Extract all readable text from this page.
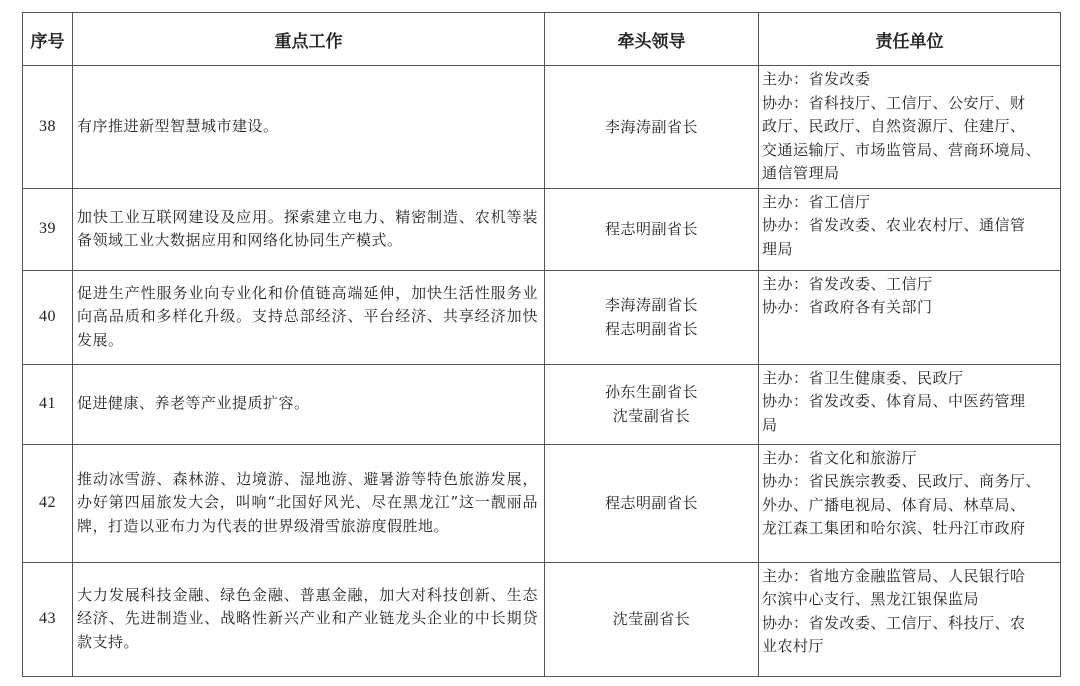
序号	重点工作	牵头领导	责任单位
38	有序推进新型智慧城市建设。	李海涛副省长	主办：省发改委
协办：省科技厅、工信厅、公安厅、财
政厅、民政厅、自然资源厅、住建厅、
交通运输厅、市场监管局、营商环境局、
通信管理局

39	加快工业互联网建设及应用。探索建立电力、精密制造、农机等装备领域工业大数据应用和网络化协同生产模式。	程志明副省长	主办：省工信厅
协办：省发改委、农业农村厅、通信管
理局

40	促进生产性服务业向专业化和价值链高端延伸，加快生活性服务业向高品质和多样化升级。支持总部经济、平台经济、共享经济加快发展。	李海涛副省长
程志明副省长	主办：省发改委、工信厅
协办：省政府各有关部门

41	促进健康、养老等产业提质扩容。	孙东生副省长
沈莹副省长	主办：省卫生健康委、民政厅
协办：省发改委、体育局、中医药管理
局

42	推动冰雪游、森林游、边境游、湿地游、避暑游等特色旅游发展，办好第四届旅发大会，叫响“北国好风光、尽在黑龙江”这一靓丽品牌，打造以亚布力为代表的世界级滑雪旅游度假胜地。	程志明副省长	主办：省文化和旅游厅
协办：省民族宗教委、民政厅、商务厅、
外办、广播电视局、体育局、林草局、
龙江森工集团和哈尔滨、牡丹江市政府

43	大力发展科技金融、绿色金融、普惠金融，加大对科技创新、生态经济、先进制造业、战略性新兴产业和产业链龙头企业的中长期贷款支持。	沈莹副省长	主办：省地方金融监管局、人民银行哈
尔滨中心支行、黑龙江银保监局
协办：省发改委、工信厅、科技厅、农
业农村厅
